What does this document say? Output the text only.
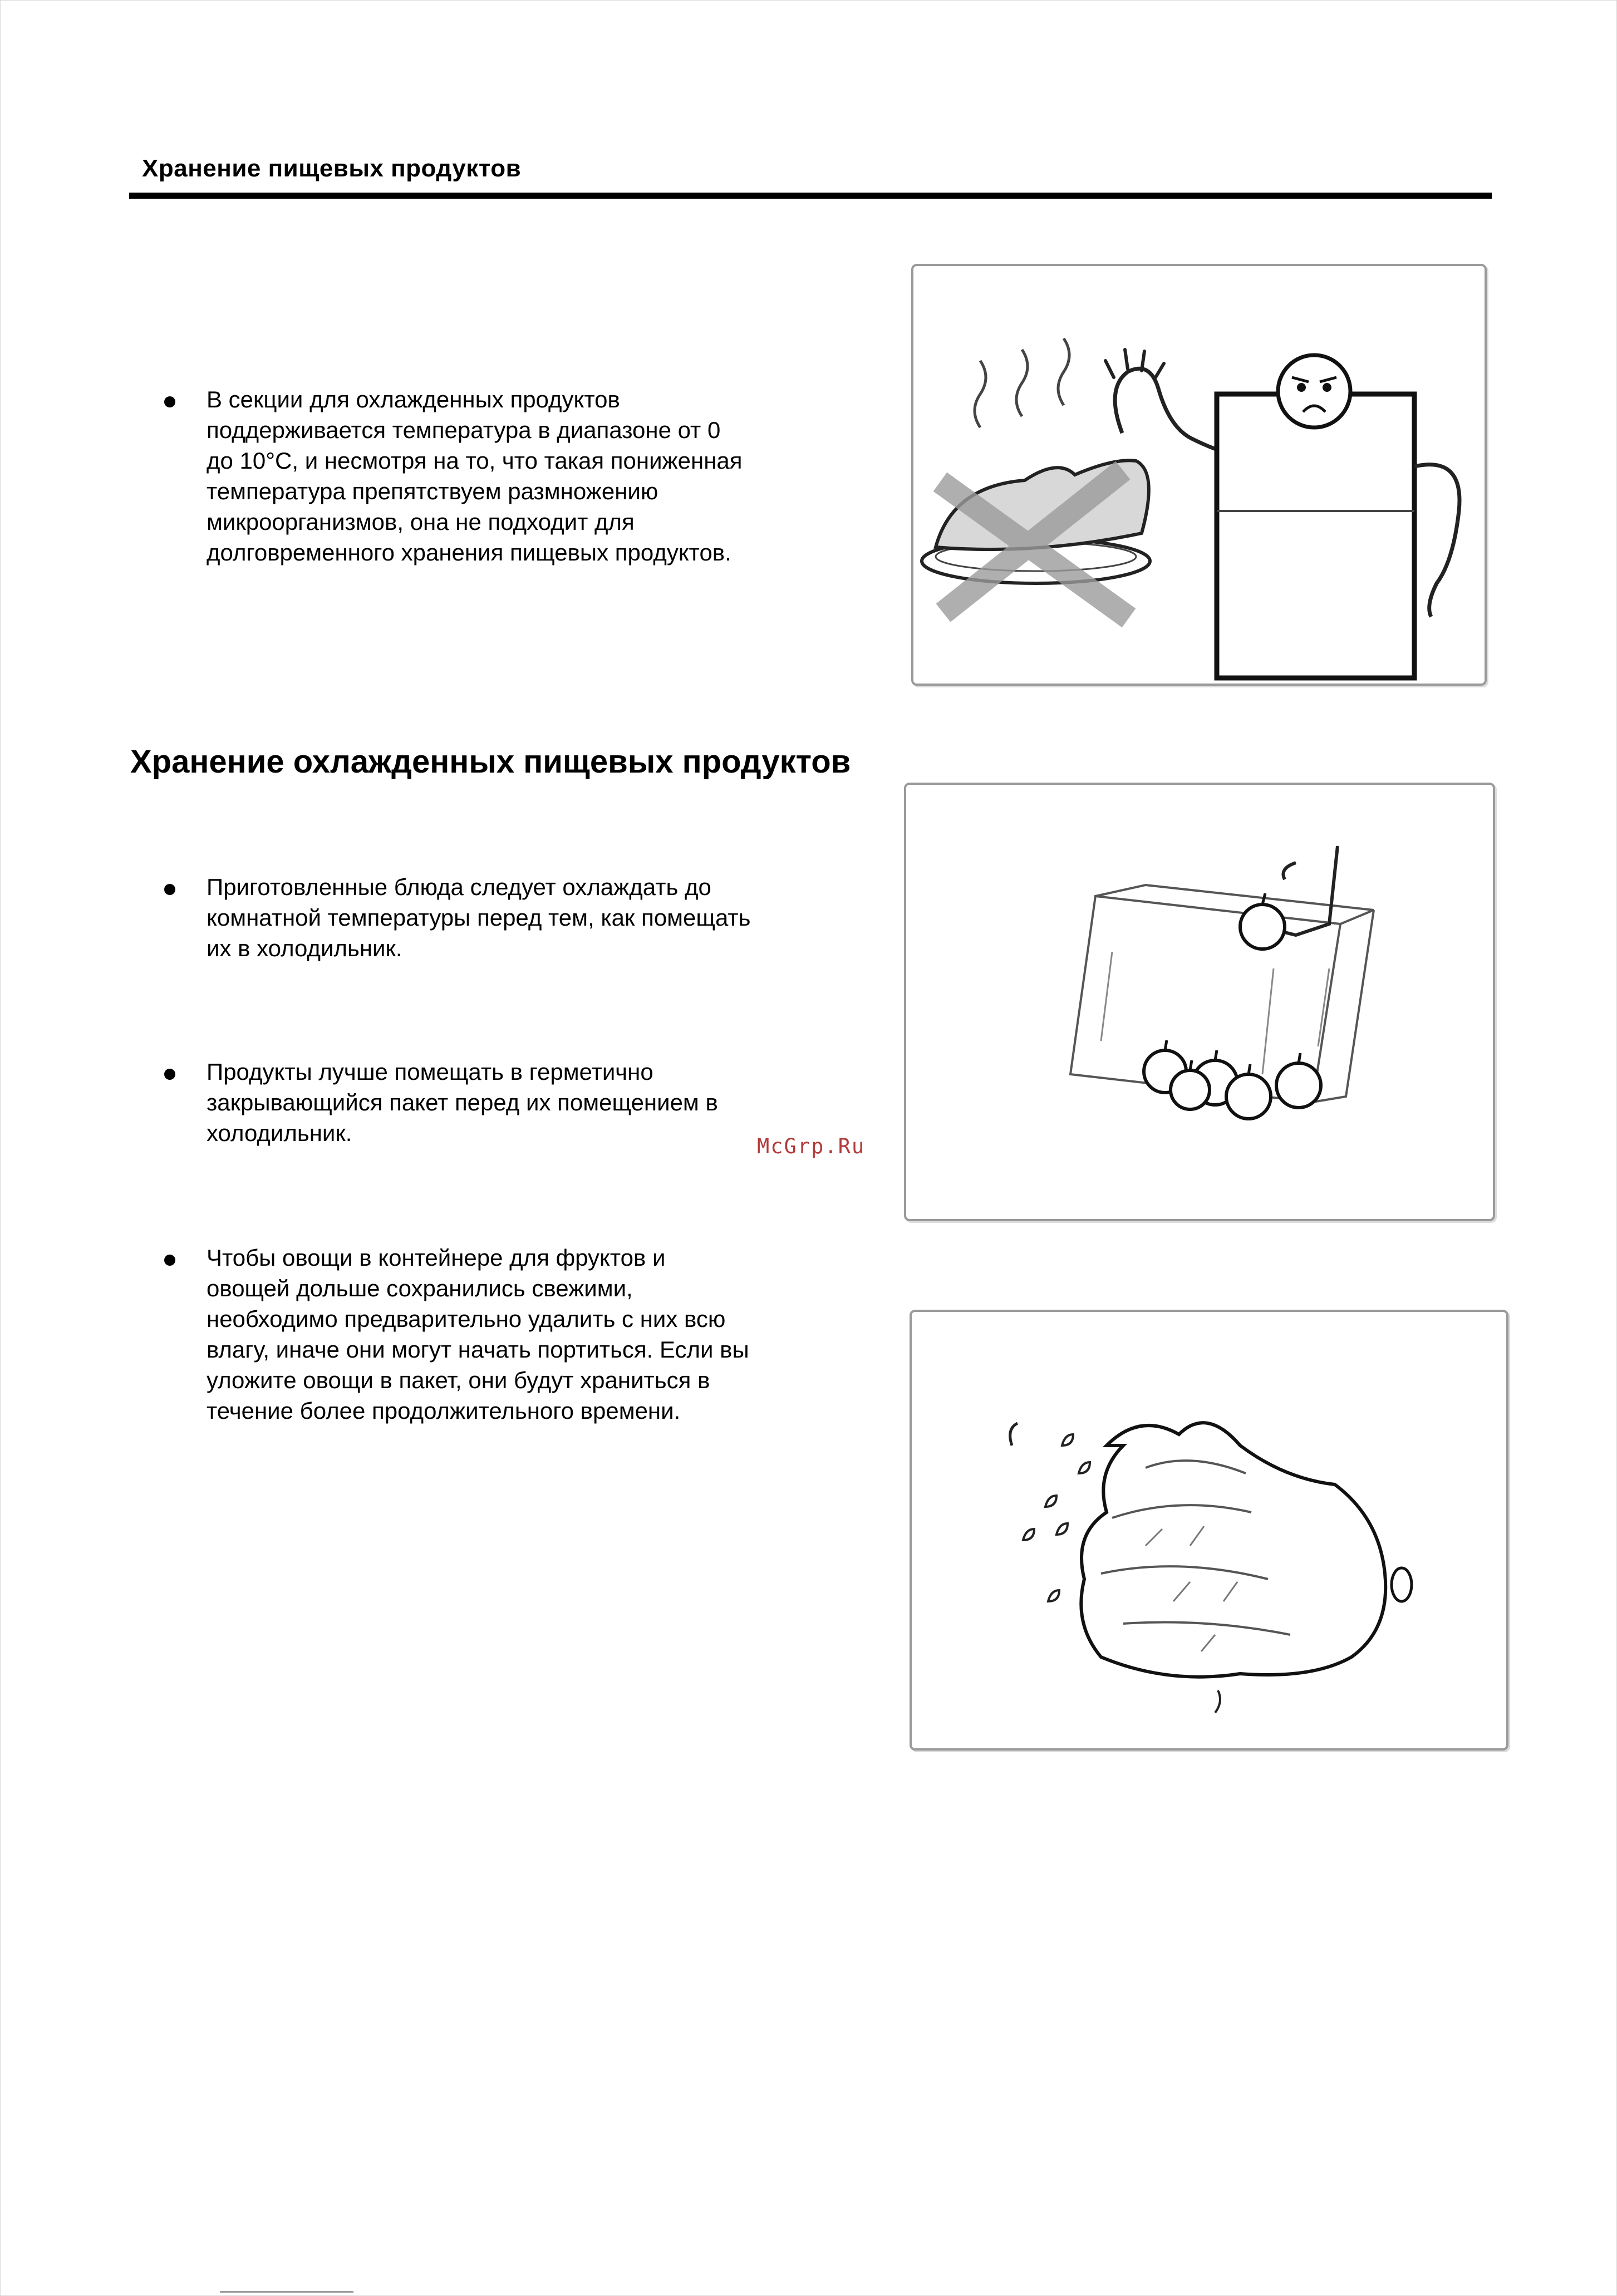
Хранение пищевых продуктов
В секции для охлажденных продуктов
поддерживается температура в диапазоне от 0
до 10°С, и несмотря на то, что такая пониженная
температура препятствуем размножению
микроорганизмов, она не подходит для
долговременного хранения пищевых продуктов.
Хранение охлажденных пищевых продуктов
Приготовленные блюда следует охлаждать до
комнатной температуры перед тем, как помещать
их в холодильник.
Продукты лучше помещать в герметично
закрывающийся пакет перед их помещением в
холодильник.
McGrp.Ru
Чтобы овощи в контейнере для фруктов и
овощей дольше сохранились свежими,
необходимо предварительно удалить с них всю
влагу, иначе они могут начать портиться. Если вы
уложите овощи в пакет, они будут храниться в
течение более продолжительного времени.
